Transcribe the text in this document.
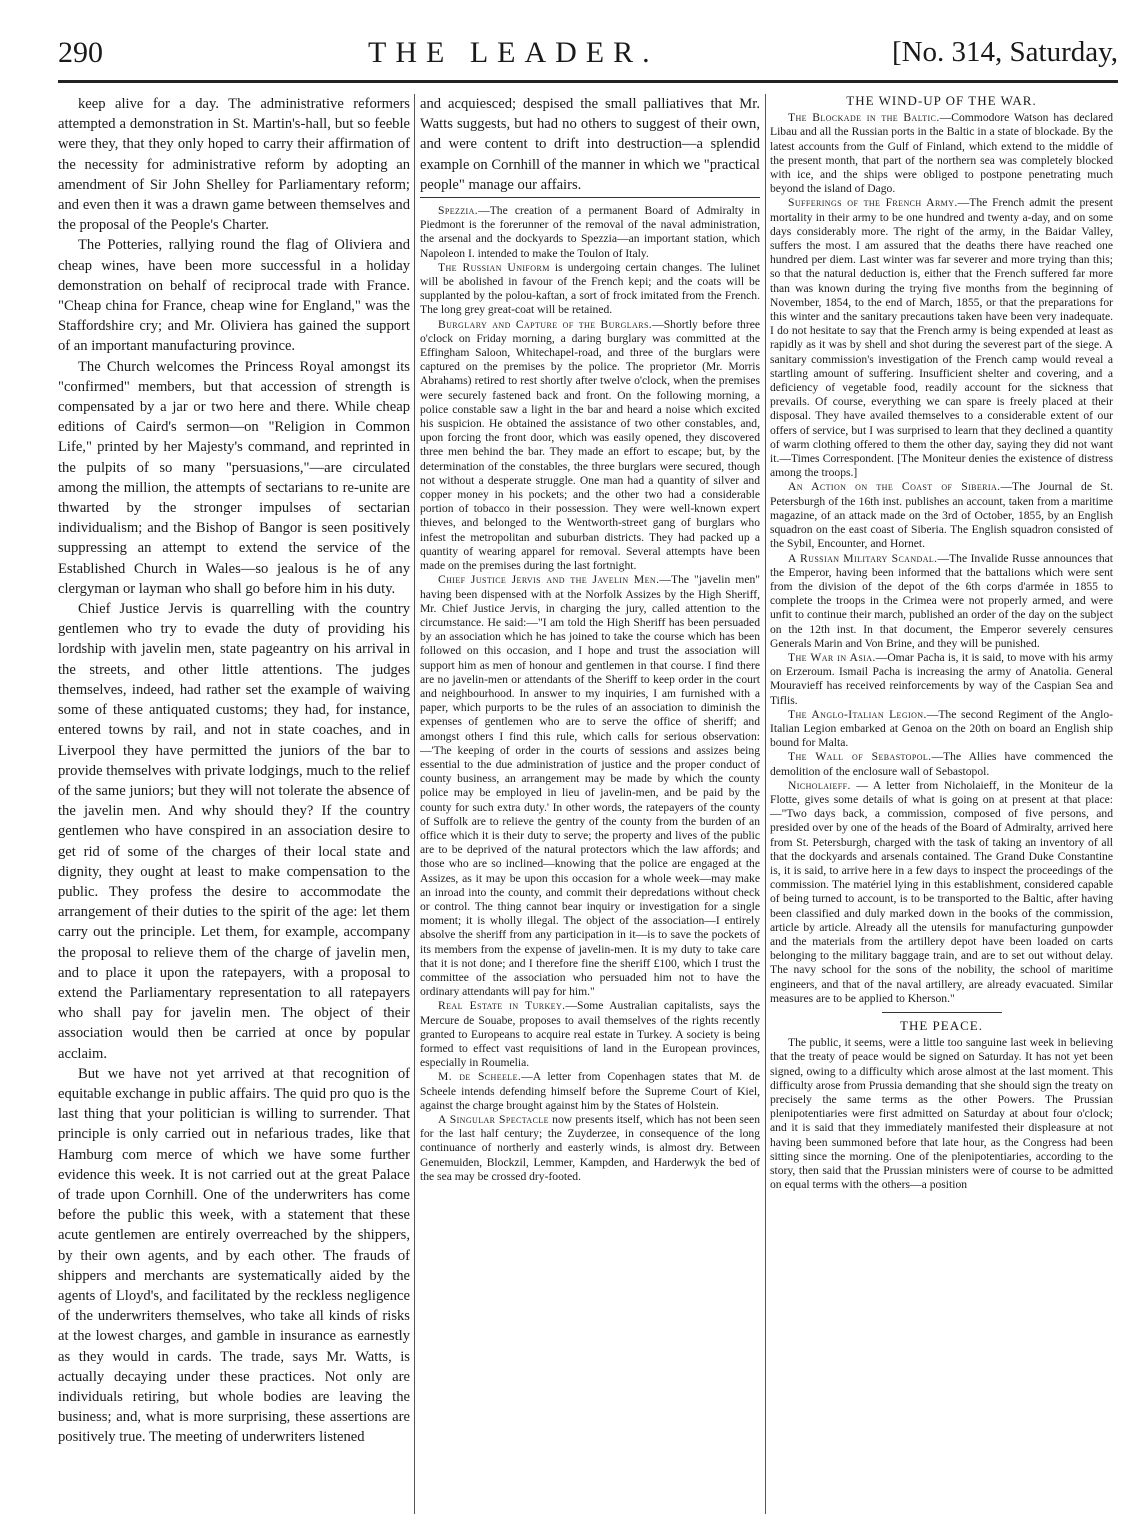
290	THE LEADER.	[No. 314, Saturday,

keep alive for a day. The administrative reformers attempted a demonstration in St. Martin's-hall, but so feeble were they, that they only hoped to carry their affirmation of the necessity for administrative reform by adopting an amendment of Sir John Shelley for Parliamentary reform; and even then it was a drawn game between themselves and the proposal of the People's Charter.

The Potteries, rallying round the flag of Oliviera and cheap wines, have been more successful in a holiday demonstration on behalf of reciprocal trade with France. "Cheap china for France, cheap wine for England," was the Staffordshire cry; and Mr. Oliviera has gained the support of an important manufacturing province.

The Church welcomes the Princess Royal amongst its "confirmed" members, but that accession of strength is compensated by a jar or two here and there. While cheap editions of Caird's sermon—on "Religion in Common Life," printed by her Majesty's command, and reprinted in the pulpits of so many "persuasions,"—are circulated among the million, the attempts of sectarians to re-unite are thwarted by the stronger impulses of sectarian individualism; and the Bishop of Bangor is seen positively suppressing an attempt to extend the service of the Established Church in Wales—so jealous is he of any clergyman or layman who shall go before him in his duty.

Chief Justice Jervis is quarrelling with the country gentlemen who try to evade the duty of providing his lordship with javelin men, state pageantry on his arrival in the streets, and other little attentions. The judges themselves, indeed, had rather set the example of waiving some of these antiquated customs; they had, for instance, entered towns by rail, and not in state coaches, and in Liverpool they have permitted the juniors of the bar to provide themselves with private lodgings, much to the relief of the same juniors; but they will not tolerate the absence of the javelin men. And why should they? If the country gentlemen who have conspired in an association desire to get rid of some of the charges of their local state and dignity, they ought at least to make compensation to the public. They profess the desire to accommodate the arrangement of their duties to the spirit of the age: let them carry out the principle. Let them, for example, accompany the proposal to relieve them of the charge of javelin men, and to place it upon the ratepayers, with a proposal to extend the Parliamentary representation to all ratepayers who shall pay for javelin men. The object of their association would then be carried at once by popular acclaim.

But we have not yet arrived at that recognition of equitable exchange in public affairs. The quid pro quo is the last thing that your politician is willing to surrender. That principle is only carried out in nefarious trades, like that Hamburg com merce of which we have some further evidence this week. It is not carried out at the great Palace of trade upon Cornhill. One of the underwriters has come before the public this week, with a statement that these acute gentlemen are entirely overreached by the shippers, by their own agents, and by each other. The frauds of shippers and merchants are systematically aided by the agents of Lloyd's, and facilitated by the reckless negligence of the underwriters themselves, who take all kinds of risks at the lowest charges, and gamble in insurance as earnestly as they would in cards. The trade, says Mr. Watts, is actually decaying under these practices. Not only are individuals retiring, but whole bodies are leaving the business; and, what is more surprising, these assertions are positively true. The meeting of underwriters listened

and acquiesced; despised the small palliatives that Mr. Watts suggests, but had no others to suggest of their own, and were content to drift into destruction—a splendid example on Cornhill of the manner in which we "practical people" manage our affairs.

Spezzia.—The creation of a permanent Board of Admiralty in Piedmont is the forerunner of the removal of the naval administration, the arsenal and the dockyards to Spezzia—an important station, which Napoleon I. intended to make the Toulon of Italy.

The Russian Uniform is undergoing certain changes. The lulinet will be abolished in favour of the French kepi; and the coats will be supplanted by the polou-kaftan, a sort of frock imitated from the French. The long grey great-coat will be retained.

Burglary and Capture of the Burglars.—Shortly before three o'clock on Friday morning, a daring burglary was committed at the Effingham Saloon, Whitechapel-road, and three of the burglars were captured on the premises by the police. The proprietor (Mr. Morris Abrahams) retired to rest shortly after twelve o'clock, when the premises were securely fastened back and front. On the following morning, a police constable saw a light in the bar and heard a noise which excited his suspicion. He obtained the assistance of two other constables, and, upon forcing the front door, which was easily opened, they discovered three men behind the bar. They made an effort to escape; but, by the determination of the constables, the three burglars were secured, though not without a desperate struggle. One man had a quantity of silver and copper money in his pockets; and the other two had a considerable portion of tobacco in their possession. They were well-known expert thieves, and belonged to the Wentworth-street gang of burglars who infest the metropolitan and suburban districts. They had packed up a quantity of wearing apparel for removal. Several attempts have been made on the premises during the last fortnight.

Chief Justice Jervis and the Javelin Men.—The "javelin men" having been dispensed with at the Norfolk Assizes by the High Sheriff, Mr. Chief Justice Jervis, in charging the jury, called attention to the circumstance. He said:—"I am told the High Sheriff has been persuaded by an association which he has joined to take the course which has been followed on this occasion, and I hope and trust the association will support him as men of honour and gentlemen in that course. I find there are no javelin-men or attendants of the Sheriff to keep order in the court and neighbourhood. In answer to my inquiries, I am furnished with a paper, which purports to be the rules of an association to diminish the expenses of gentlemen who are to serve the office of sheriff; and amongst others I find this rule, which calls for serious observation:—'The keeping of order in the courts of sessions and assizes being essential to the due administration of justice and the proper conduct of county business, an arrangement may be made by which the county police may be employed in lieu of javelin-men, and be paid by the county for such extra duty.' In other words, the ratepayers of the county of Suffolk are to relieve the gentry of the county from the burden of an office which it is their duty to serve; the property and lives of the public are to be deprived of the natural protectors which the law affords; and those who are so inclined—knowing that the police are engaged at the Assizes, as it may be upon this occasion for a whole week—may make an inroad into the county, and commit their depredations without check or control. The thing cannot bear inquiry or investigation for a single moment; it is wholly illegal. The object of the association—I entirely absolve the sheriff from any participation in it—is to save the pockets of its members from the expense of javelin-men. It is my duty to take care that it is not done; and I therefore fine the sheriff £100, which I trust the committee of the association who persuaded him not to have the ordinary attendants will pay for him."

Real Estate in Turkey.—Some Australian capitalists, says the Mercure de Souabe, proposes to avail themselves of the rights recently granted to Europeans to acquire real estate in Turkey. A society is being formed to effect vast requisitions of land in the European provinces, especially in Roumelia.

M. de Scheele.—A letter from Copenhagen states that M. de Scheele intends defending himself before the Supreme Court of Kiel, against the charge brought against him by the States of Holstein.

A Singular Spectacle now presents itself, which has not been seen for the last half century; the Zuyderzee, in consequence of the long continuance of northerly and easterly winds, is almost dry. Between Genemuiden, Blockzil, Lemmer, Kampden, and Harderwyk the bed of the sea may be crossed dry-footed.

THE WIND-UP OF THE WAR.

The Blockade in the Baltic.—Commodore Watson has declared Libau and all the Russian ports in the Baltic in a state of blockade. By the latest accounts from the Gulf of Finland, which extend to the middle of the present month, that part of the northern sea was completely blocked with ice, and the ships were obliged to postpone penetrating much beyond the island of Dago.

Sufferings of the French Army.—The French admit the present mortality in their army to be one hundred and twenty a-day, and on some days considerably more. The right of the army, in the Baidar Valley, suffers the most. I am assured that the deaths there have reached one hundred per diem. Last winter was far severer and more trying than this; so that the natural deduction is, either that the French suffered far more than was known during the trying five months from the beginning of November, 1854, to the end of March, 1855, or that the preparations for this winter and the sanitary precautions taken have been very inadequate. I do not hesitate to say that the French army is being expended at least as rapidly as it was by shell and shot during the severest part of the siege. A sanitary commission's investigation of the French camp would reveal a startling amount of suffering. Insufficient shelter and covering, and a deficiency of vegetable food, readily account for the sickness that prevails. Of course, everything we can spare is freely placed at their disposal. They have availed themselves to a considerable extent of our offers of service, but I was surprised to learn that they declined a quantity of warm clothing offered to them the other day, saying they did not want it.—Times Correspondent. [The Moniteur denies the existence of distress among the troops.]

An Action on the Coast of Siberia.—The Journal de St. Petersburgh of the 16th inst. publishes an account, taken from a maritime magazine, of an attack made on the 3rd of October, 1855, by an English squadron on the east coast of Siberia. The English squadron consisted of the Sybil, Encounter, and Hornet.

A Russian Military Scandal.—The Invalide Russe announces that the Emperor, having been informed that the battalions which were sent from the division of the depot of the 6th corps d'armée in 1855 to complete the troops in the Crimea were not properly armed, and were unfit to continue their march, published an order of the day on the subject on the 12th inst. In that document, the Emperor severely censures Generals Marin and Von Brine, and they will be punished.

The War in Asia.—Omar Pacha is, it is said, to move with his army on Erzeroum. Ismail Pacha is increasing the army of Anatolia. General Mouravieff has received reinforcements by way of the Caspian Sea and Tiflis.

The Anglo-Italian Legion.—The second Regiment of the Anglo-Italian Legion embarked at Genoa on the 20th on board an English ship bound for Malta.

The Wall of Sebastopol.—The Allies have commenced the demolition of the enclosure wall of Sebastopol.

Nicholaieff. — A letter from Nicholaieff, in the Moniteur de la Flotte, gives some details of what is going on at present at that place:—"Two days back, a commission, composed of five persons, and presided over by one of the heads of the Board of Admiralty, arrived here from St. Petersburgh, charged with the task of taking an inventory of all that the dockyards and arsenals contained. The Grand Duke Constantine is, it is said, to arrive here in a few days to inspect the proceedings of the commission. The matériel lying in this establishment, considered capable of being turned to account, is to be transported to the Baltic, after having been classified and duly marked down in the books of the commission, article by article. Already all the utensils for manufacturing gunpowder and the materials from the artillery depot have been loaded on carts belonging to the military baggage train, and are to set out without delay. The navy school for the sons of the nobility, the school of maritime engineers, and that of the naval artillery, are already evacuated. Similar measures are to be applied to Kherson."

THE PEACE.

The public, it seems, were a little too sanguine last week in believing that the treaty of peace would be signed on Saturday. It has not yet been signed, owing to a difficulty which arose almost at the last moment. This difficulty arose from Prussia demanding that she should sign the treaty on precisely the same terms as the other Powers. The Prussian plenipotentiaries were first admitted on Saturday at about four o'clock; and it is said that they immediately manifested their displeasure at not having been summoned before that late hour, as the Congress had been sitting since the morning. One of the plenipotentiaries, according to the story, then said that the Prussian ministers were of course to be admitted on equal terms with the others—a position
